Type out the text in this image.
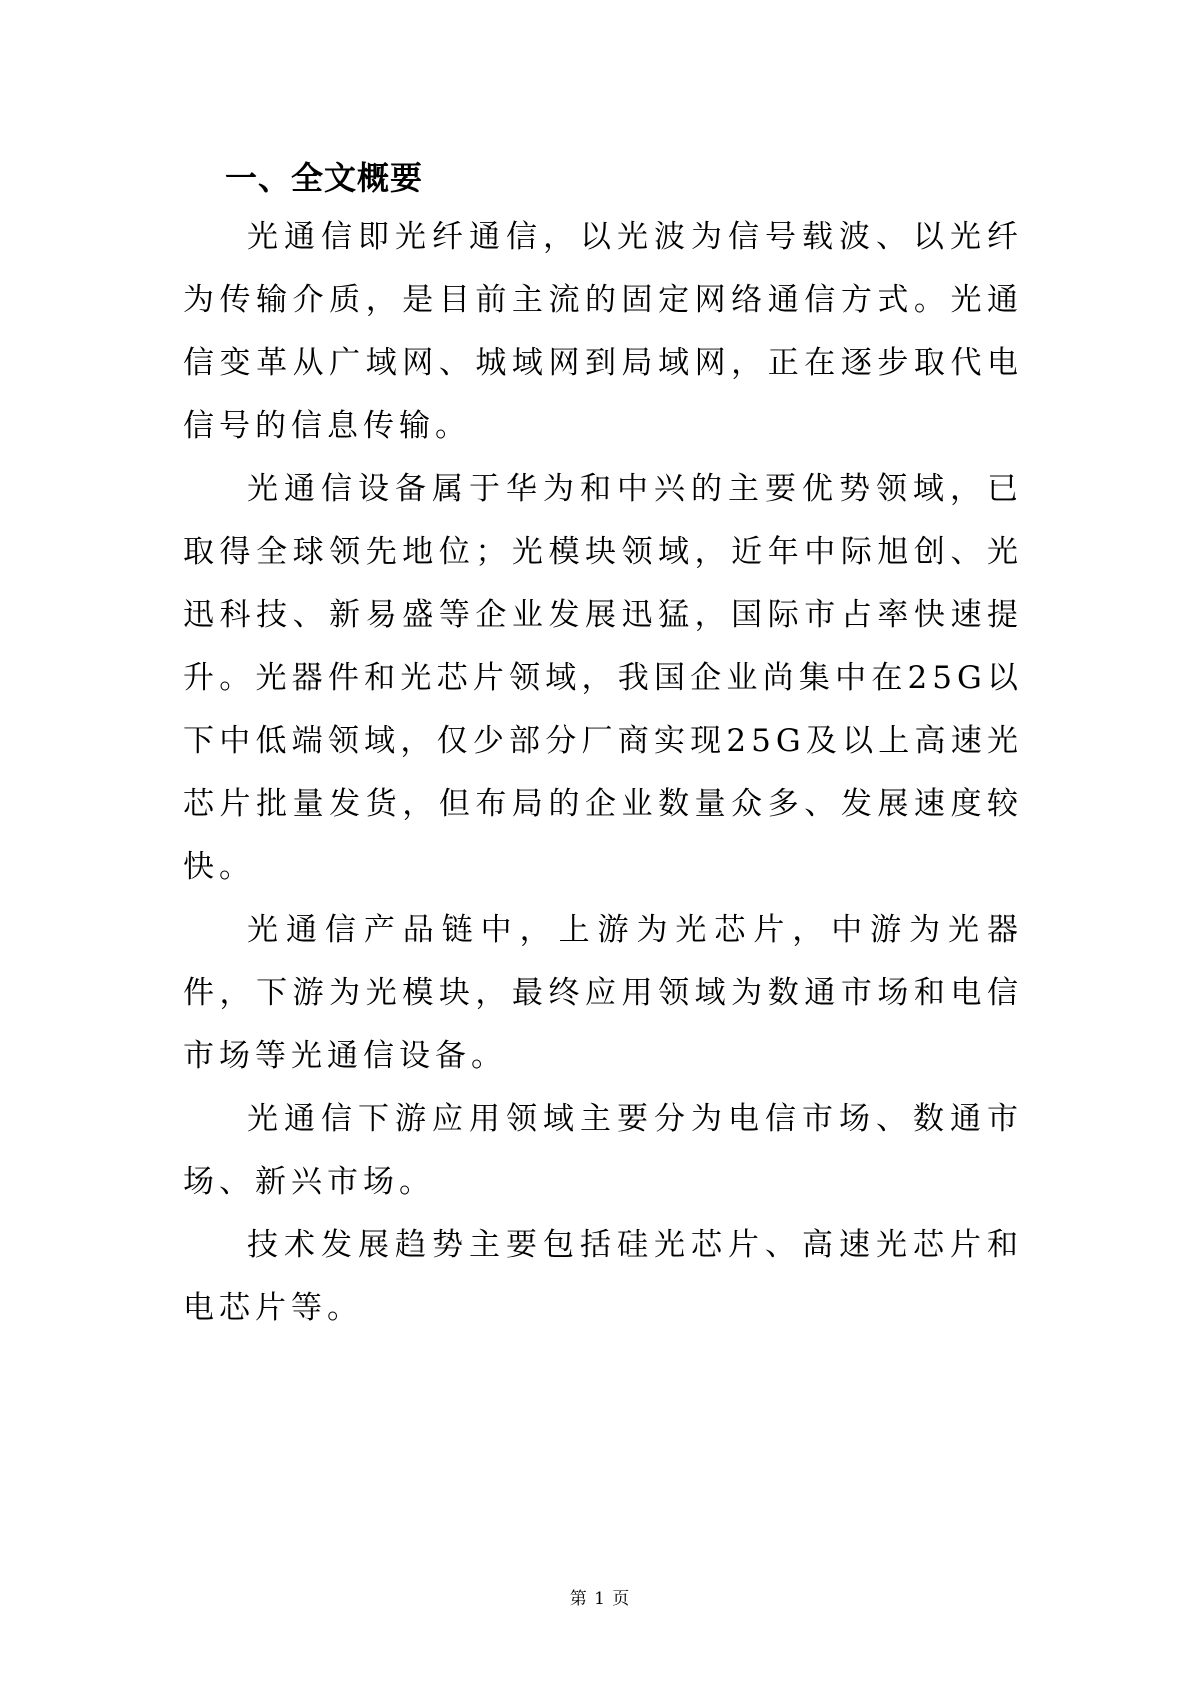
一、全文概要

光通信即光纤通信，以光波为信号载波、以光纤为传输介质，是目前主流的固定网络通信方式。光通信变革从广域网、城域网到局域网，正在逐步取代电信号的信息传输。

光通信设备属于华为和中兴的主要优势领域，已取得全球领先地位；光模块领域，近年中际旭创、光迅科技、新易盛等企业发展迅猛，国际市占率快速提升。光器件和光芯片领域，我国企业尚集中在25G以下中低端领域，仅少部分厂商实现25G及以上高速光芯片批量发货，但布局的企业数量众多、发展速度较快。

光通信产品链中，上游为光芯片，中游为光器件，下游为光模块，最终应用领域为数通市场和电信市场等光通信设备。

光通信下游应用领域主要分为电信市场、数通市场、新兴市场。

技术发展趋势主要包括硅光芯片、高速光芯片和电芯片等。

第 1 页
